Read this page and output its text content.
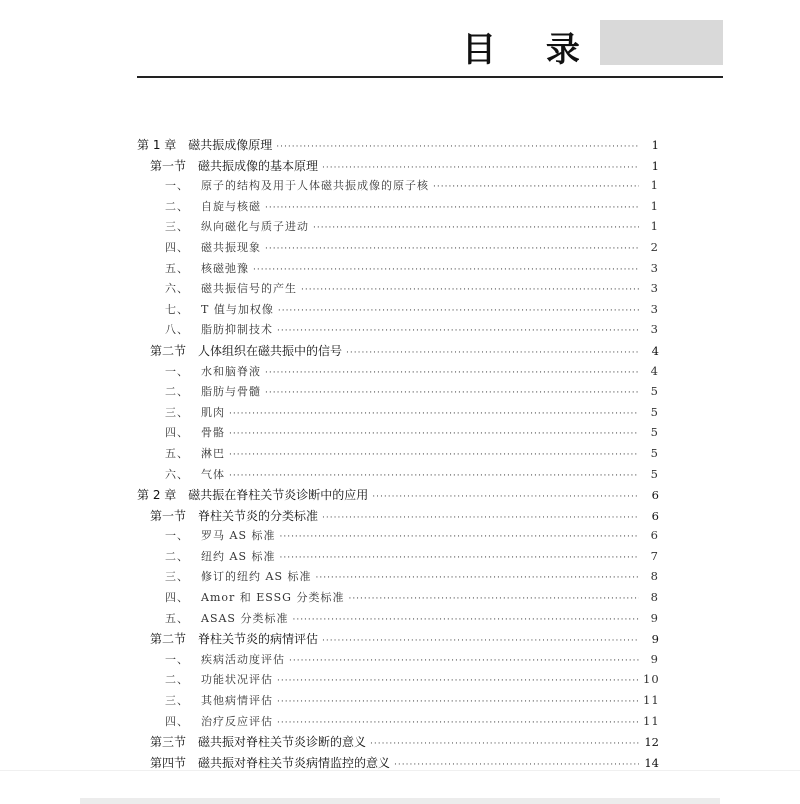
目 录
第 1 章 磁共振成像原理 ·····	1
第一节 磁共振成像的基本原理 ·····	1
一、 原子的结构及用于人体磁共振成像的原子核 ·····	1
二、 自旋与核磁 ·····	1
三、 纵向磁化与质子进动 ·····	1
四、 磁共振现象 ·····	2
五、 核磁弛豫 ·····	3
六、 磁共振信号的产生 ·····	3
七、 T 值与加权像 ·····	3
八、 脂肪抑制技术 ·····	3
第二节 人体组织在磁共振中的信号 ·····	4
一、 水和脑脊液 ·····	4
二、 脂肪与骨髓 ·····	5
三、 肌肉 ·····	5
四、 骨骼 ·····	5
五、 淋巴 ·····	5
六、 气体 ·····	5
第 2 章 磁共振在脊柱关节炎诊断中的应用 ·····	6
第一节 脊柱关节炎的分类标准 ·····	6
一、 罗马 AS 标准 ·····	6
二、 纽约 AS 标准 ·····	7
三、 修订的纽约 AS 标准 ·····	8
四、 Amor 和 ESSG 分类标准 ·····	8
五、 ASAS 分类标准 ·····	9
第二节 脊柱关节炎的病情评估 ·····	9
一、 疾病活动度评估 ·····	9
二、 功能状况评估 ·····	10
三、 其他病情评估 ·····	11
四、 治疗反应评估 ·····	11
第三节 磁共振对脊柱关节炎诊断的意义 ·····	12
第四节 磁共振对脊柱关节炎病情监控的意义 ·····	14
